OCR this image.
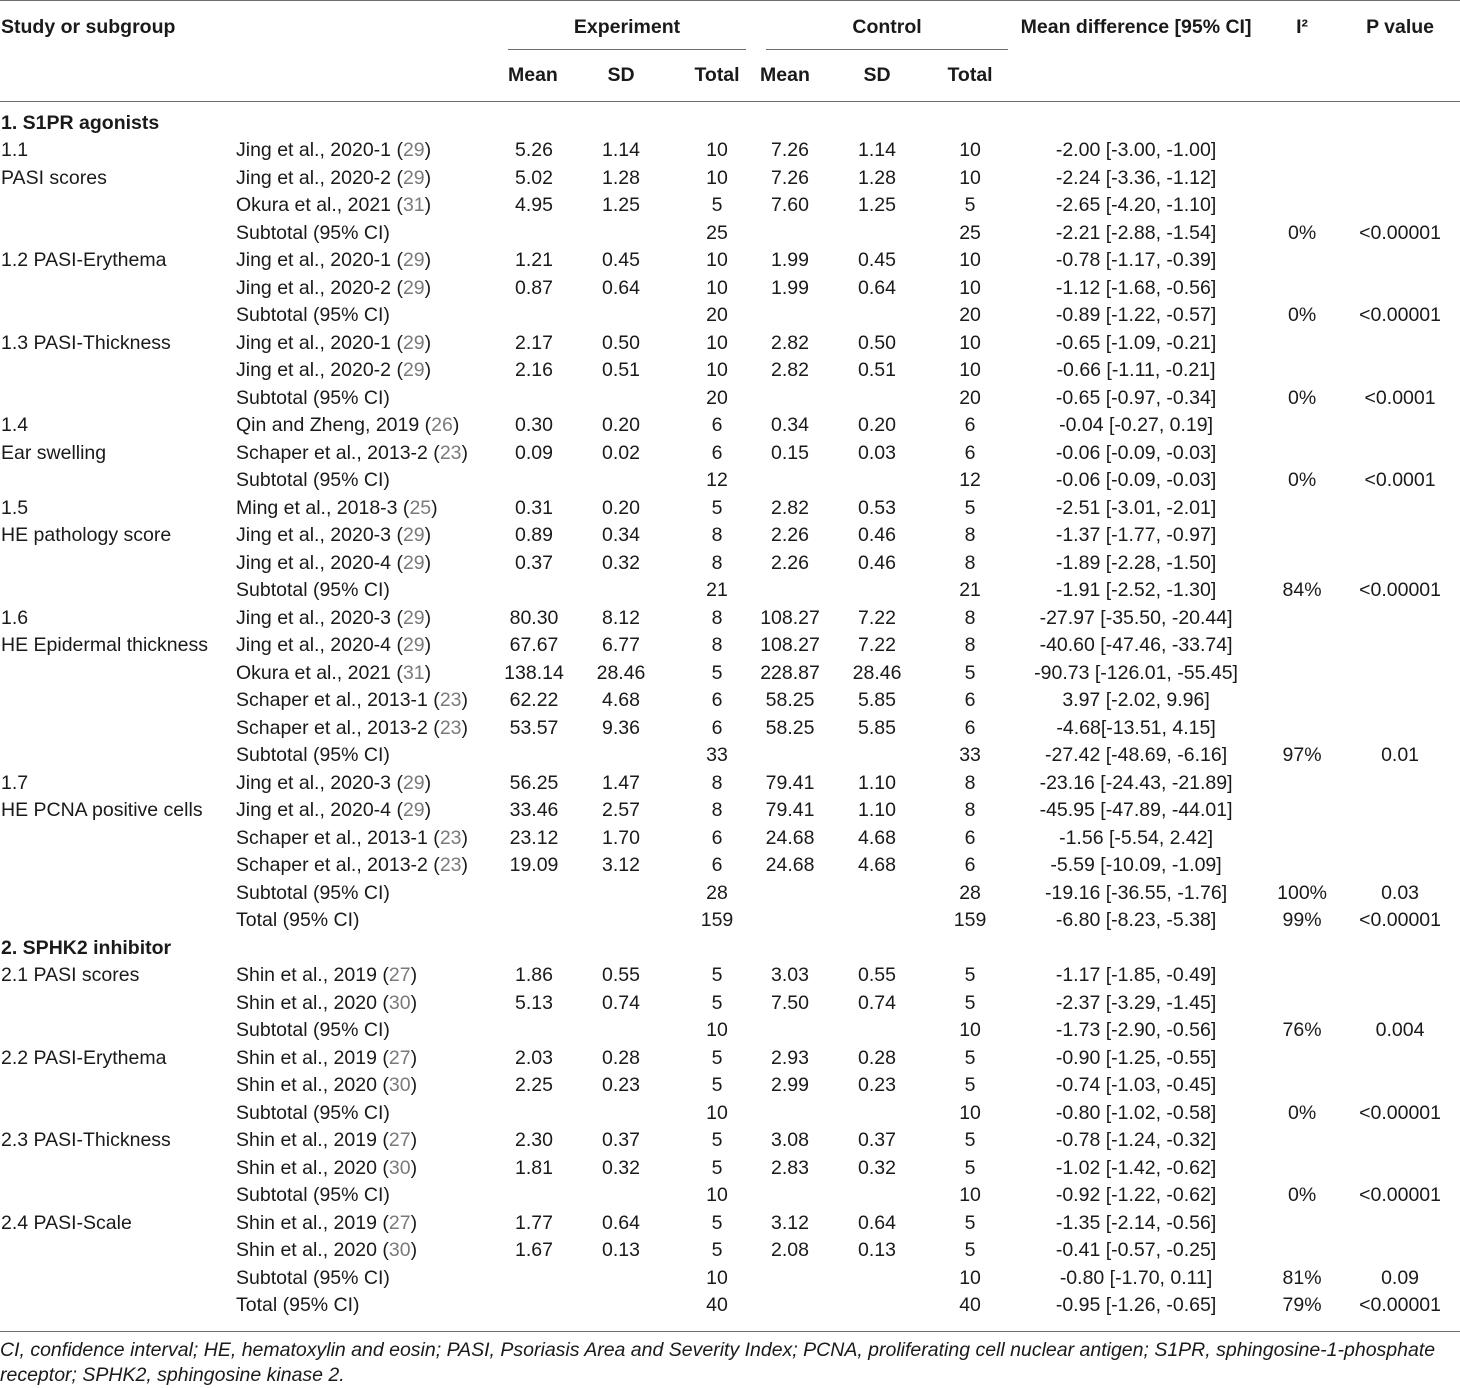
Study or subgroup		Experiment			Control			Mean difference [95% CI]	I²	P value
		Mean	SD	Total	Mean	SD	Total			
1. S1PR agonists										
1.1	Jing et al., 2020-1 (29)	5.26	1.14	10	7.26	1.14	10	-2.00 [-3.00, -1.00]		
PASI scores	Jing et al., 2020-2 (29)	5.02	1.28	10	7.26	1.28	10	-2.24 [-3.36, -1.12]		
	Okura et al., 2021 (31)	4.95	1.25	5	7.60	1.25	5	-2.65 [-4.20, -1.10]		
	Subtotal (95% CI)			25			25	-2.21 [-2.88, -1.54]	0%	<0.00001
1.2 PASI-Erythema	Jing et al., 2020-1 (29)	1.21	0.45	10	1.99	0.45	10	-0.78 [-1.17, -0.39]		
	Jing et al., 2020-2 (29)	0.87	0.64	10	1.99	0.64	10	-1.12 [-1.68, -0.56]		
	Subtotal (95% CI)			20			20	-0.89 [-1.22, -0.57]	0%	<0.00001
1.3 PASI-Thickness	Jing et al., 2020-1 (29)	2.17	0.50	10	2.82	0.50	10	-0.65 [-1.09, -0.21]		
	Jing et al., 2020-2 (29)	2.16	0.51	10	2.82	0.51	10	-0.66 [-1.11, -0.21]		
	Subtotal (95% CI)			20			20	-0.65 [-0.97, -0.34]	0%	<0.0001
1.4	Qin and Zheng, 2019 (26)	0.30	0.20	6	0.34	0.20	6	-0.04 [-0.27, 0.19]		
Ear swelling	Schaper et al., 2013-2 (23)	0.09	0.02	6	0.15	0.03	6	-0.06 [-0.09, -0.03]		
	Subtotal (95% CI)			12			12	-0.06 [-0.09, -0.03]	0%	<0.0001
1.5	Ming et al., 2018-3 (25)	0.31	0.20	5	2.82	0.53	5	-2.51 [-3.01, -2.01]		
HE pathology score	Jing et al., 2020-3 (29)	0.89	0.34	8	2.26	0.46	8	-1.37 [-1.77, -0.97]		
	Jing et al., 2020-4 (29)	0.37	0.32	8	2.26	0.46	8	-1.89 [-2.28, -1.50]		
	Subtotal (95% CI)			21			21	-1.91 [-2.52, -1.30]	84%	<0.00001
1.6	Jing et al., 2020-3 (29)	80.30	8.12	8	108.27	7.22	8	-27.97 [-35.50, -20.44]		
HE Epidermal thickness	Jing et al., 2020-4 (29)	67.67	6.77	8	108.27	7.22	8	-40.60 [-47.46, -33.74]		
	Okura et al., 2021 (31)	138.14	28.46	5	228.87	28.46	5	-90.73 [-126.01, -55.45]		
	Schaper et al., 2013-1 (23)	62.22	4.68	6	58.25	5.85	6	3.97 [-2.02, 9.96]		
	Schaper et al., 2013-2 (23)	53.57	9.36	6	58.25	5.85	6	-4.68[-13.51, 4.15]		
	Subtotal (95% CI)			33			33	-27.42 [-48.69, -6.16]	97%	0.01
1.7	Jing et al., 2020-3 (29)	56.25	1.47	8	79.41	1.10	8	-23.16 [-24.43, -21.89]		
HE PCNA positive cells	Jing et al., 2020-4 (29)	33.46	2.57	8	79.41	1.10	8	-45.95 [-47.89, -44.01]		
	Schaper et al., 2013-1 (23)	23.12	1.70	6	24.68	4.68	6	-1.56 [-5.54, 2.42]		
	Schaper et al., 2013-2 (23)	19.09	3.12	6	24.68	4.68	6	-5.59 [-10.09, -1.09]		
	Subtotal (95% CI)			28			28	-19.16 [-36.55, -1.76]	100%	0.03
	Total (95% CI)			159			159	-6.80 [-8.23, -5.38]	99%	<0.00001
2. SPHK2 inhibitor										
2.1 PASI scores	Shin et al., 2019 (27)	1.86	0.55	5	3.03	0.55	5	-1.17 [-1.85, -0.49]		
	Shin et al., 2020 (30)	5.13	0.74	5	7.50	0.74	5	-2.37 [-3.29, -1.45]		
	Subtotal (95% CI)			10			10	-1.73 [-2.90, -0.56]	76%	0.004
2.2 PASI-Erythema	Shin et al., 2019 (27)	2.03	0.28	5	2.93	0.28	5	-0.90 [-1.25, -0.55]		
	Shin et al., 2020 (30)	2.25	0.23	5	2.99	0.23	5	-0.74 [-1.03, -0.45]		
	Subtotal (95% CI)			10			10	-0.80 [-1.02, -0.58]	0%	<0.00001
2.3 PASI-Thickness	Shin et al., 2019 (27)	2.30	0.37	5	3.08	0.37	5	-0.78 [-1.24, -0.32]		
	Shin et al., 2020 (30)	1.81	0.32	5	2.83	0.32	5	-1.02 [-1.42, -0.62]		
	Subtotal (95% CI)			10			10	-0.92 [-1.22, -0.62]	0%	<0.00001
2.4 PASI-Scale	Shin et al., 2019 (27)	1.77	0.64	5	3.12	0.64	5	-1.35 [-2.14, -0.56]		
	Shin et al., 2020 (30)	1.67	0.13	5	2.08	0.13	5	-0.41 [-0.57, -0.25]		
	Subtotal (95% CI)			10			10	-0.80 [-1.70, 0.11]	81%	0.09
	Total (95% CI)			40			40	-0.95 [-1.26, -0.65]	79%	<0.00001
CI, confidence interval; HE, hematoxylin and eosin; PASI, Psoriasis Area and Severity Index; PCNA, proliferating cell nuclear antigen; S1PR, sphingosine-1-phosphate receptor; SPHK2, sphingosine kinase 2.
